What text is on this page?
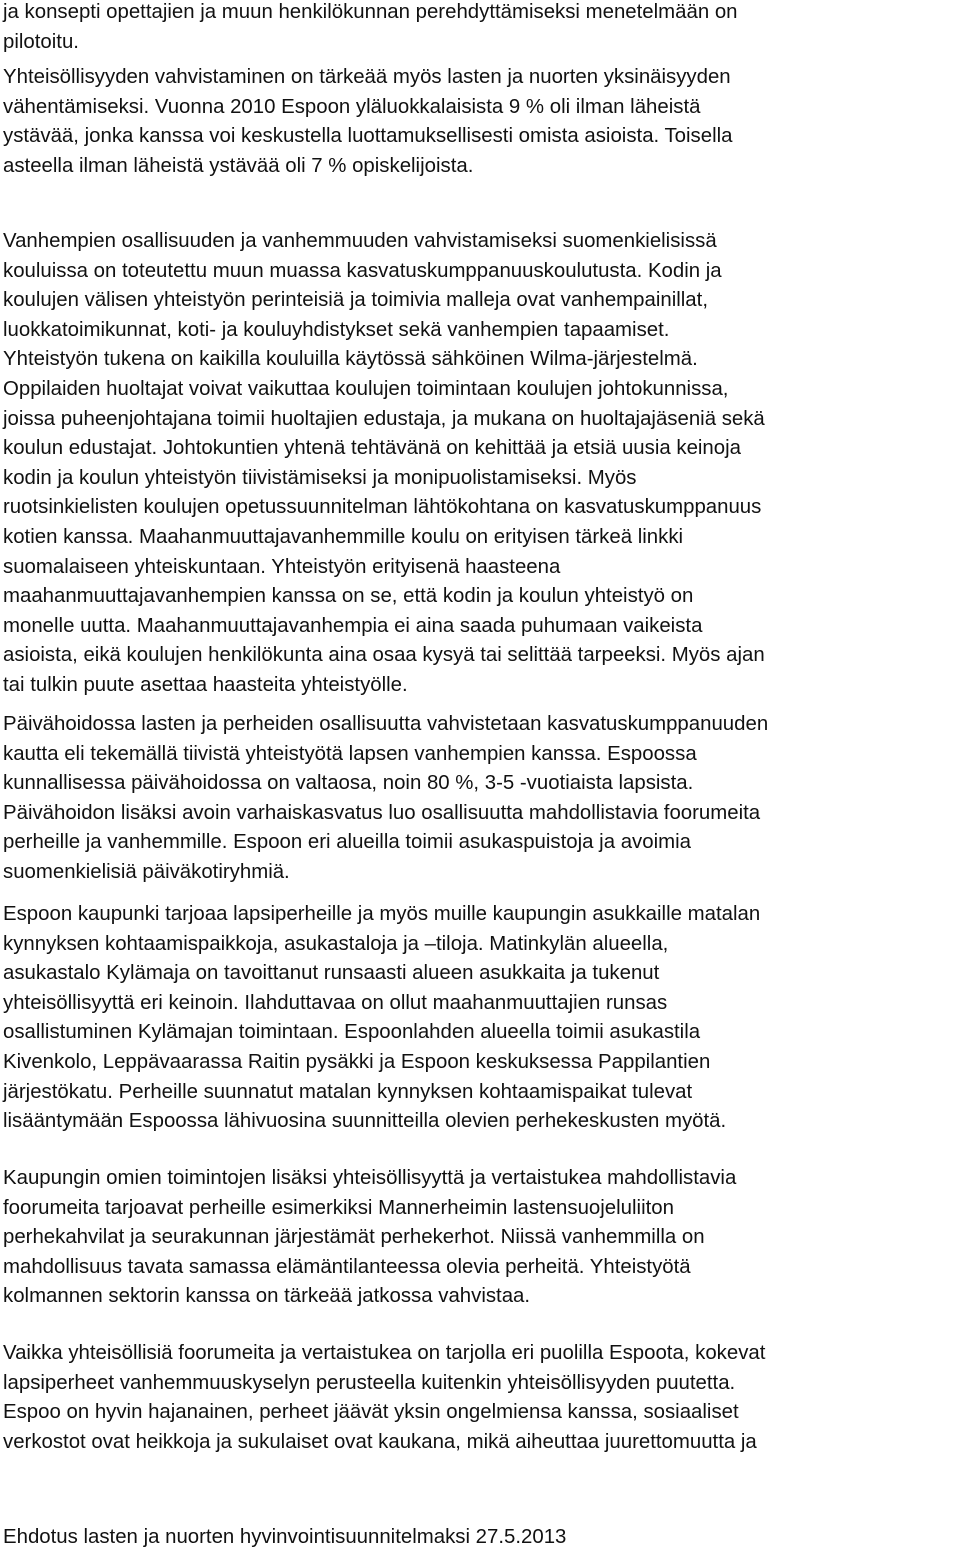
ja konsepti opettajien ja muun henkilökunnan perehdyttämiseksi menetelmään on
pilotoitu.

Yhteisöllisyyden vahvistaminen on tärkeää myös lasten ja nuorten yksinäisyyden
vähentämiseksi. Vuonna 2010 Espoon yläluokkalaisista 9 % oli ilman läheistä
ystävää, jonka kanssa voi keskustella luottamuksellisesti omista asioista. Toisella
asteella ilman läheistä ystävää oli 7 % opiskelijoista.

Vanhempien osallisuuden ja vanhemmuuden vahvistamiseksi suomenkielisissä
kouluissa on toteutettu muun muassa kasvatuskumppanuuskoulutusta. Kodin ja
koulujen välisen yhteistyön perinteisiä ja toimivia malleja ovat vanhempainillat,
luokkatoimikunnat, koti- ja kouluyhdistykset sekä vanhempien tapaamiset.
Yhteistyön tukena on kaikilla kouluilla käytössä sähköinen Wilma-järjestelmä.
Oppilaiden huoltajat voivat vaikuttaa koulujen toimintaan koulujen johtokunnissa,
joissa puheenjohtajana toimii huoltajien edustaja, ja mukana on huoltajajäseniä sekä
koulun edustajat. Johtokuntien yhtenä tehtävänä on kehittää ja etsiä uusia keinoja
kodin ja koulun yhteistyön tiivistämiseksi ja monipuolistamiseksi. Myös
ruotsinkielisten koulujen opetussuunnitelman lähtökohtana on kasvatuskumppanuus
kotien kanssa. Maahanmuuttajavanhemmille koulu on erityisen tärkeä linkki
suomalaiseen yhteiskuntaan. Yhteistyön erityisenä haasteena
maahanmuuttajavanhempien kanssa on se, että kodin ja koulun yhteistyö on
monelle uutta. Maahanmuuttajavanhempia ei aina saada puhumaan vaikeista
asioista, eikä koulujen henkilökunta aina osaa kysyä tai selittää tarpeeksi. Myös ajan
tai tulkin puute asettaa haasteita yhteistyölle.

Päivähoidossa lasten ja perheiden osallisuutta vahvistetaan kasvatuskumppanuuden
kautta eli tekemällä tiivistä yhteistyötä lapsen vanhempien kanssa. Espoossa
kunnallisessa päivähoidossa on valtaosa, noin 80 %, 3-5 -vuotiaista lapsista.
Päivähoidon lisäksi avoin varhaiskasvatus luo osallisuutta mahdollistavia foorumeita
perheille ja vanhemmille. Espoon eri alueilla toimii asukaspuistoja ja avoimia
suomenkielisiä päiväkotiryhmiä.

Espoon kaupunki tarjoaa lapsiperheille ja myös muille kaupungin asukkaille matalan
kynnyksen kohtaamispaikkoja, asukastaloja ja –tiloja. Matinkylän alueella,
asukastalo Kylämaja on tavoittanut runsaasti alueen asukkaita ja tukenut
yhteisöllisyyttä eri keinoin. Ilahduttavaa on ollut maahanmuuttajien runsas
osallistuminen Kylämajan toimintaan. Espoonlahden alueella toimii asukastila
Kivenkolo, Leppävaarassa Raitin pysäkki ja Espoon keskuksessa Pappilantien
järjestökatu. Perheille suunnatut matalan kynnyksen kohtaamispaikat tulevat
lisääntymään Espoossa lähivuosina suunnitteilla olevien perhekeskusten myötä.

Kaupungin omien toimintojen lisäksi yhteisöllisyyttä ja vertaistukea mahdollistavia
foorumeita tarjoavat perheille esimerkiksi Mannerheimin lastensuojeluliiton
perhekahvilat ja seurakunnan järjestämät perhekerhot. Niissä vanhemmilla on
mahdollisuus tavata samassa elämäntilanteessa olevia perheitä. Yhteistyötä
kolmannen sektorin kanssa on tärkeää jatkossa vahvistaa.

Vaikka yhteisöllisiä foorumeita ja vertaistukea on tarjolla eri puolilla Espoota, kokevat
lapsiperheet vanhemmuuskyselyn perusteella kuitenkin yhteisöllisyyden puutetta.
Espoo on hyvin hajanainen, perheet jäävät yksin ongelmiensa kanssa, sosiaaliset
verkostot ovat heikkoja ja sukulaiset ovat kaukana, mikä aiheuttaa juurettomuutta ja

Ehdotus lasten ja nuorten hyvinvointisuunnitelmaksi 27.5.2013
